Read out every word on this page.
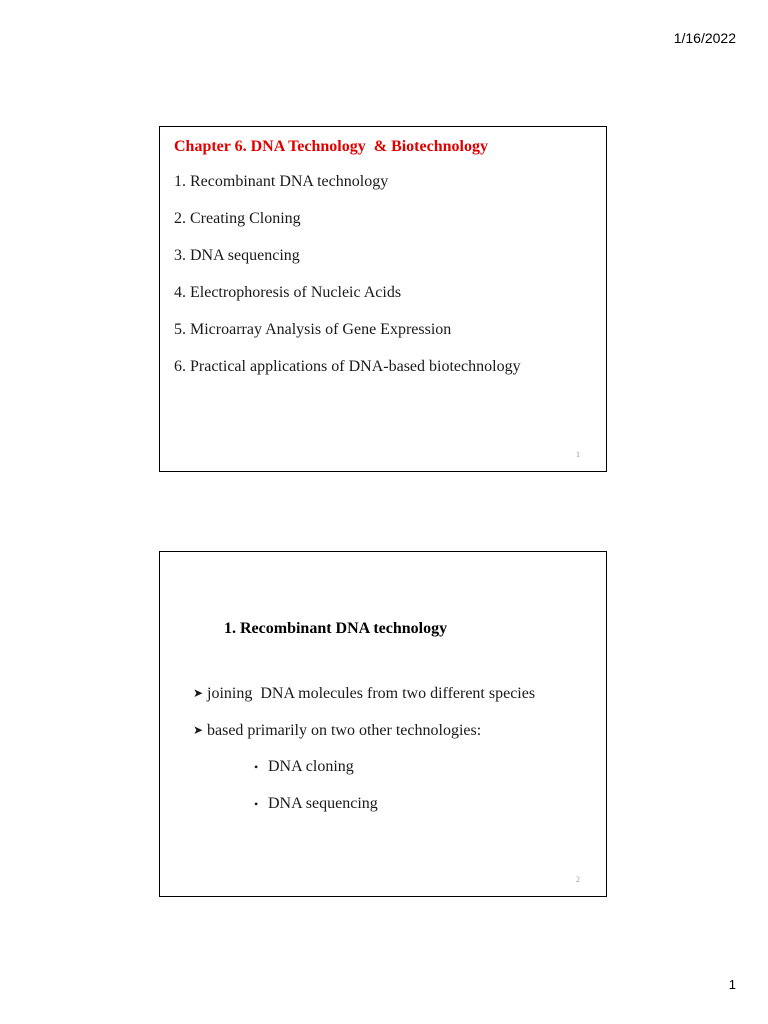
1/16/2022
Chapter 6. DNA Technology  & Biotechnology
1. Recombinant DNA technology
2. Creating Cloning
3. DNA sequencing
4. Electrophoresis of Nucleic Acids
5. Microarray Analysis of Gene Expression
6. Practical applications of DNA-based biotechnology
1
1. Recombinant DNA technology
➤ joining  DNA molecules from two different species
➤ based primarily on two other technologies:
• DNA cloning
• DNA sequencing
2
1
